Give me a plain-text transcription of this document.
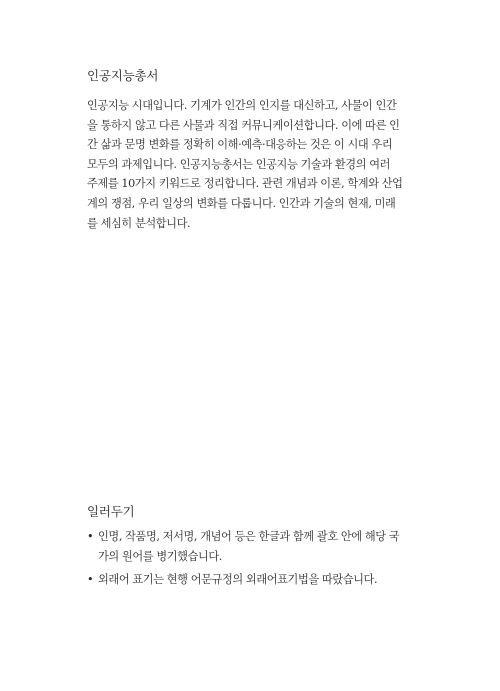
인공지능총서

인공지능 시대입니다. 기계가 인간의 인지를 대신하고, 사물이 인간
을 통하지 않고 다른 사물과 직접 커뮤니케이션합니다. 이에 따른 인
간 삶과 문명 변화를 정확히 이해·예측·대응하는 것은 이 시대 우리
모두의 과제입니다. 인공지능총서는 인공지능 기술과 환경의 여러
주제를 10가지 키워드로 정리합니다. 관련 개념과 이론, 학계와 산업
계의 쟁점, 우리 일상의 변화를 다룹니다. 인간과 기술의 현재, 미래
를 세심히 분석합니다.

일러두기
• 인명, 작품명, 저서명, 개념어 등은 한글과 함께 괄호 안에 해당 국
가의 원어를 병기했습니다.
• 외래어 표기는 현행 어문규정의 외래어표기법을 따랐습니다.
